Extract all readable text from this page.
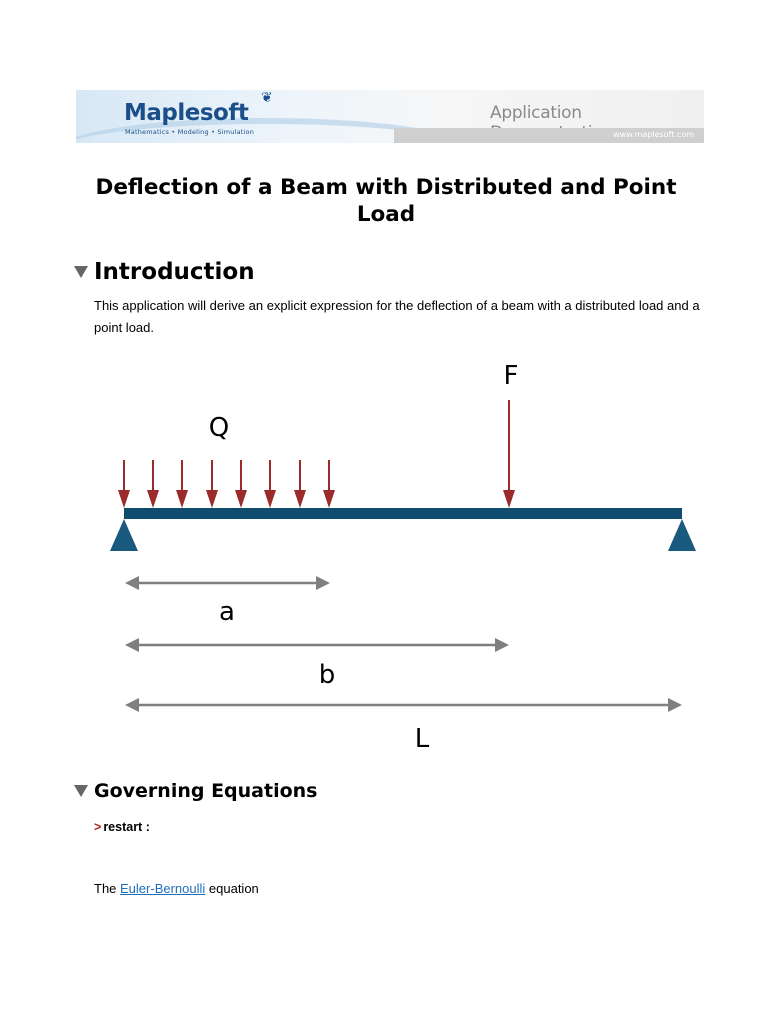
Maplesoft
❦
Mathematics • Modeling • Simulation
Application
www.maplesoft.com
Deflection of a Beam with Distributed and Point Load
Introduction

This application will derive an explicit expression for the deflection of a beam with a distributed load and a point load.

Q
F
a
b
L
Governing Equations
> restart :
The Euler-Bernoulli equation
